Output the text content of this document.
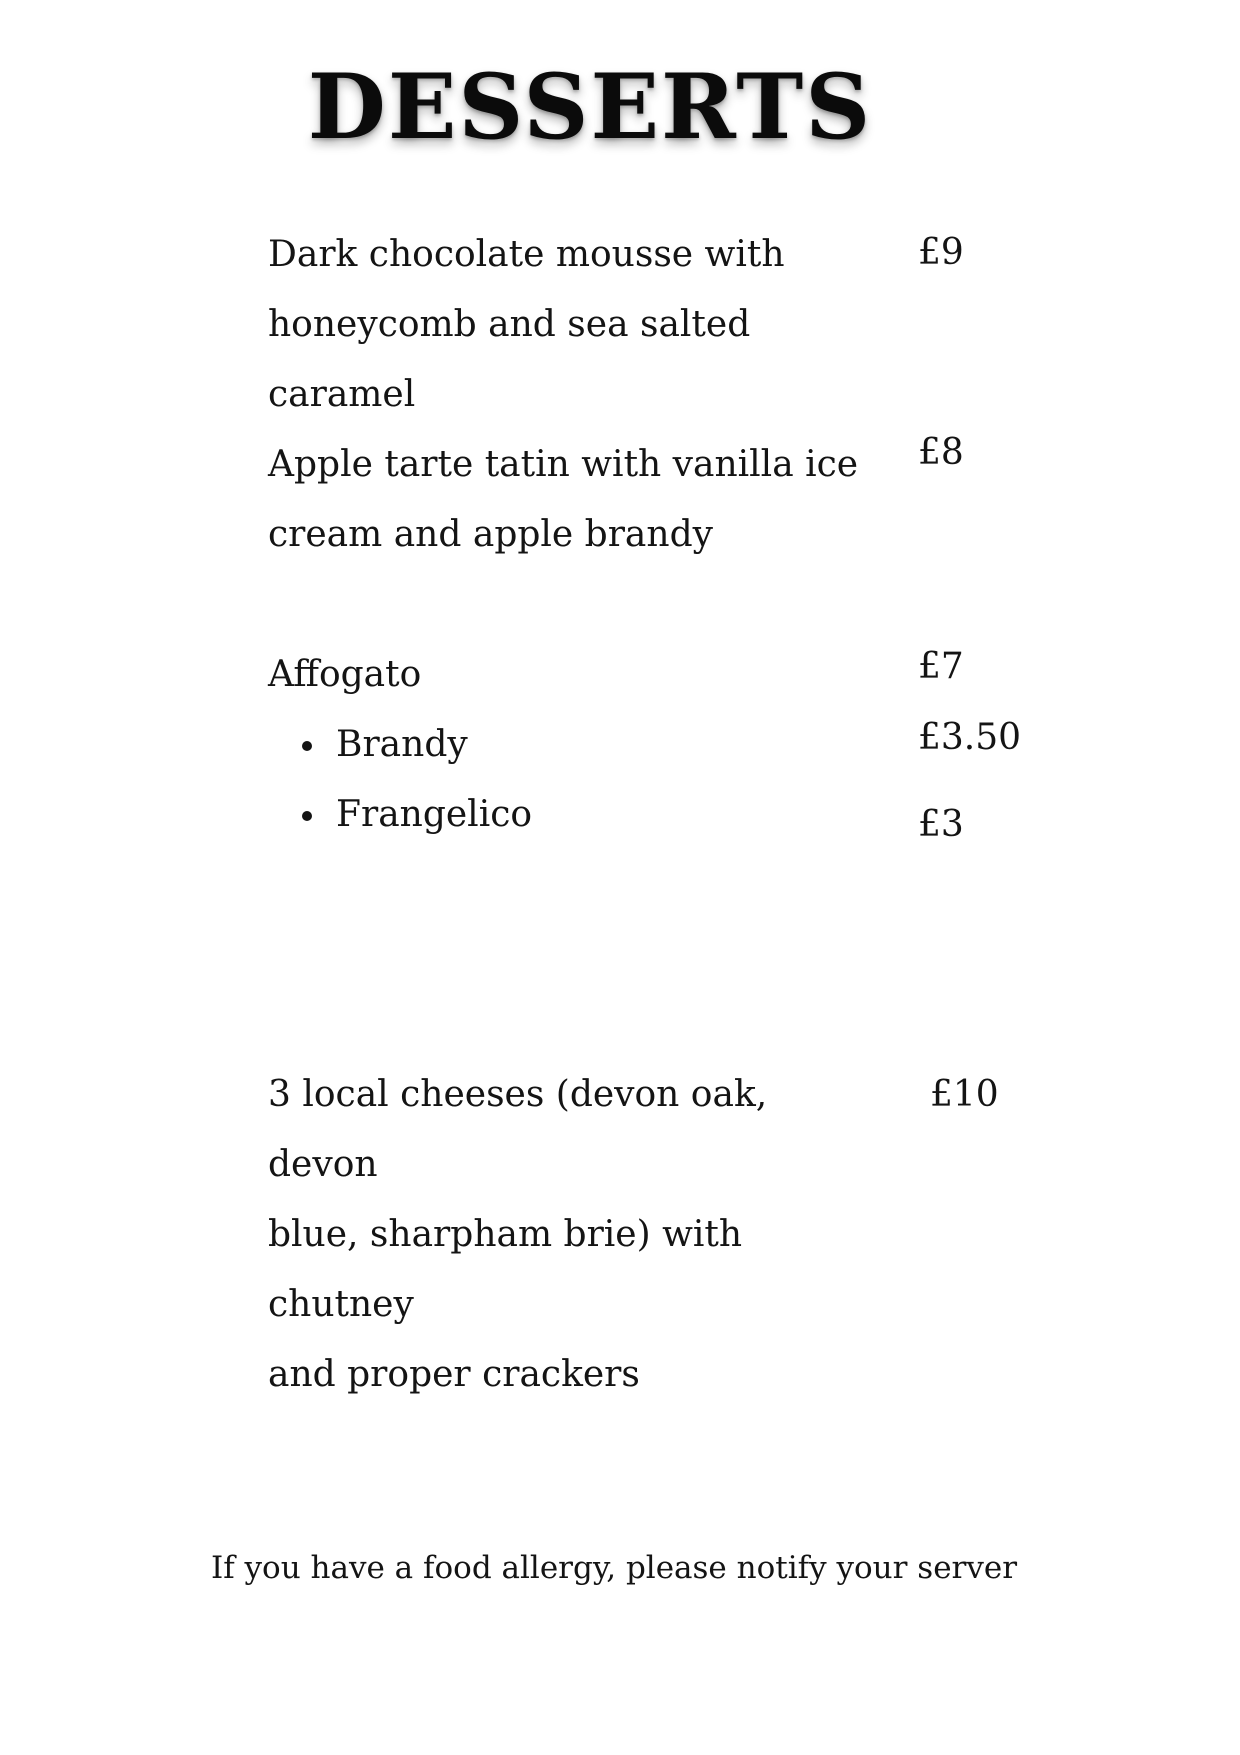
DESSERTS
Dark chocolate mousse with
honeycomb and sea salted caramel
£9
Apple tarte tatin with vanilla ice
cream and apple brandy
£8
Affogato
Brandy
Frangelico
£7
£3.50
£3
3 local cheeses (devon oak, devon
blue, sharpham brie) with chutney
and proper crackers
£10
If you have a food allergy, please notify your server
